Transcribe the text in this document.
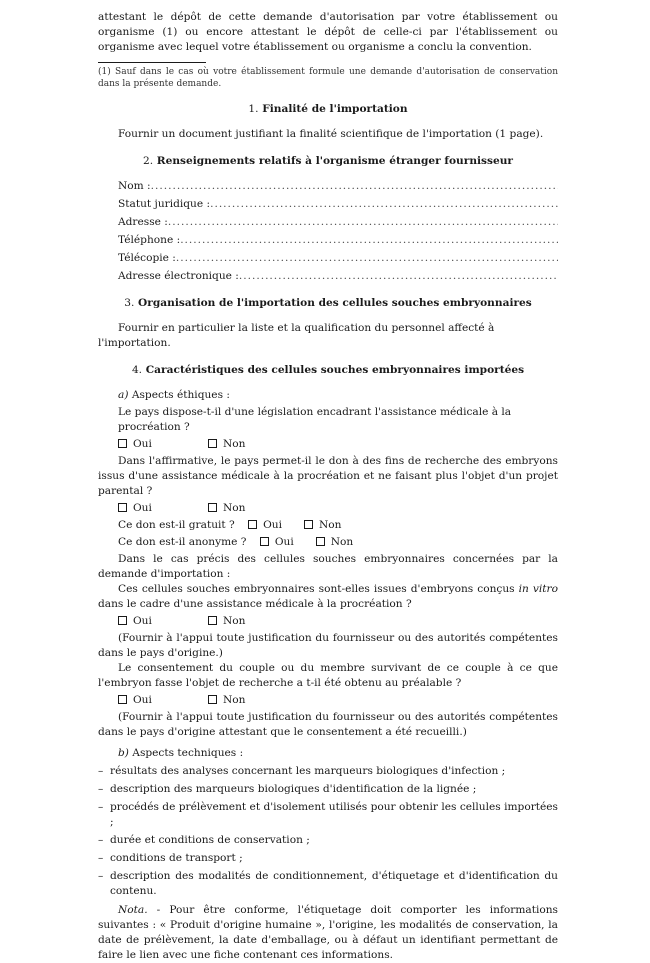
attestant le dépôt de cette demande d'autorisation par votre établissement ou organisme (1) ou encore attestant le dépôt de celle-ci par l'établissement ou organisme avec lequel votre établissement ou organisme a conclu la convention.

(1) Sauf dans le cas où votre établissement formule une demande d'autorisation de conservation dans la présente demande.

1. Finalité de l'importation

Fournir un document justifiant la finalité scientifique de l'importation (1 page).

2. Renseignements relatifs à l'organisme étranger fournisseur

Nom :
.....
Statut juridique :
.....
Adresse :
.....
Téléphone :
.....
Télécopie :
.....
Adresse électronique :
.....

3. Organisation de l'importation des cellules souches embryonnaires

Fournir en particulier la liste et la qualification du personnel affecté à l'importation.

4. Caractéristiques des cellules souches embryonnaires importées

a) Aspects éthiques :

Le pays dispose-t-il d'une législation encadrant l'assistance médicale à la procréation ?

Oui	Non

Dans l'affirmative, le pays permet-il le don à des fins de recherche des embryons issus d'une assistance médicale à la procréation et ne faisant plus l'objet d'un projet parental ?

Oui	Non
Ce don est-il gratuit ? Oui	Non
Ce don est-il anonyme ? Oui	Non

Dans le cas précis des cellules souches embryonnaires concernées par la demande d'importation :

Ces cellules souches embryonnaires sont-elles issues d'embryons conçus in vitro dans le cadre d'une assistance médicale à la procréation ?

Oui	Non

(Fournir à l'appui toute justification du fournisseur ou des autorités compétentes dans le pays d'origine.)

Le consentement du couple ou du membre survivant de ce couple à ce que l'embryon fasse l'objet de recherche a t-il été obtenu au préalable ?

Oui	Non

(Fournir à l'appui toute justification du fournisseur ou des autorités compétentes dans le pays d'origine attestant que le consentement a été recueilli.)

b) Aspects techniques :

– résultats des analyses concernant les marqueurs biologiques d'infection ;
– description des marqueurs biologiques d'identification de la lignée ;
– procédés de prélèvement et d'isolement utilisés pour obtenir les cellules importées ;
– durée et conditions de conservation ;
– conditions de transport ;
– description des modalités de conditionnement, d'étiquetage et d'identification du contenu.

Nota. - Pour être conforme, l'étiquetage doit comporter les informations suivantes : « Produit d'origine humaine », l'origine, les modalités de conservation, la date de prélèvement, la date d'emballage, ou à défaut un identifiant permettant de faire le lien avec une fiche contenant ces informations.
